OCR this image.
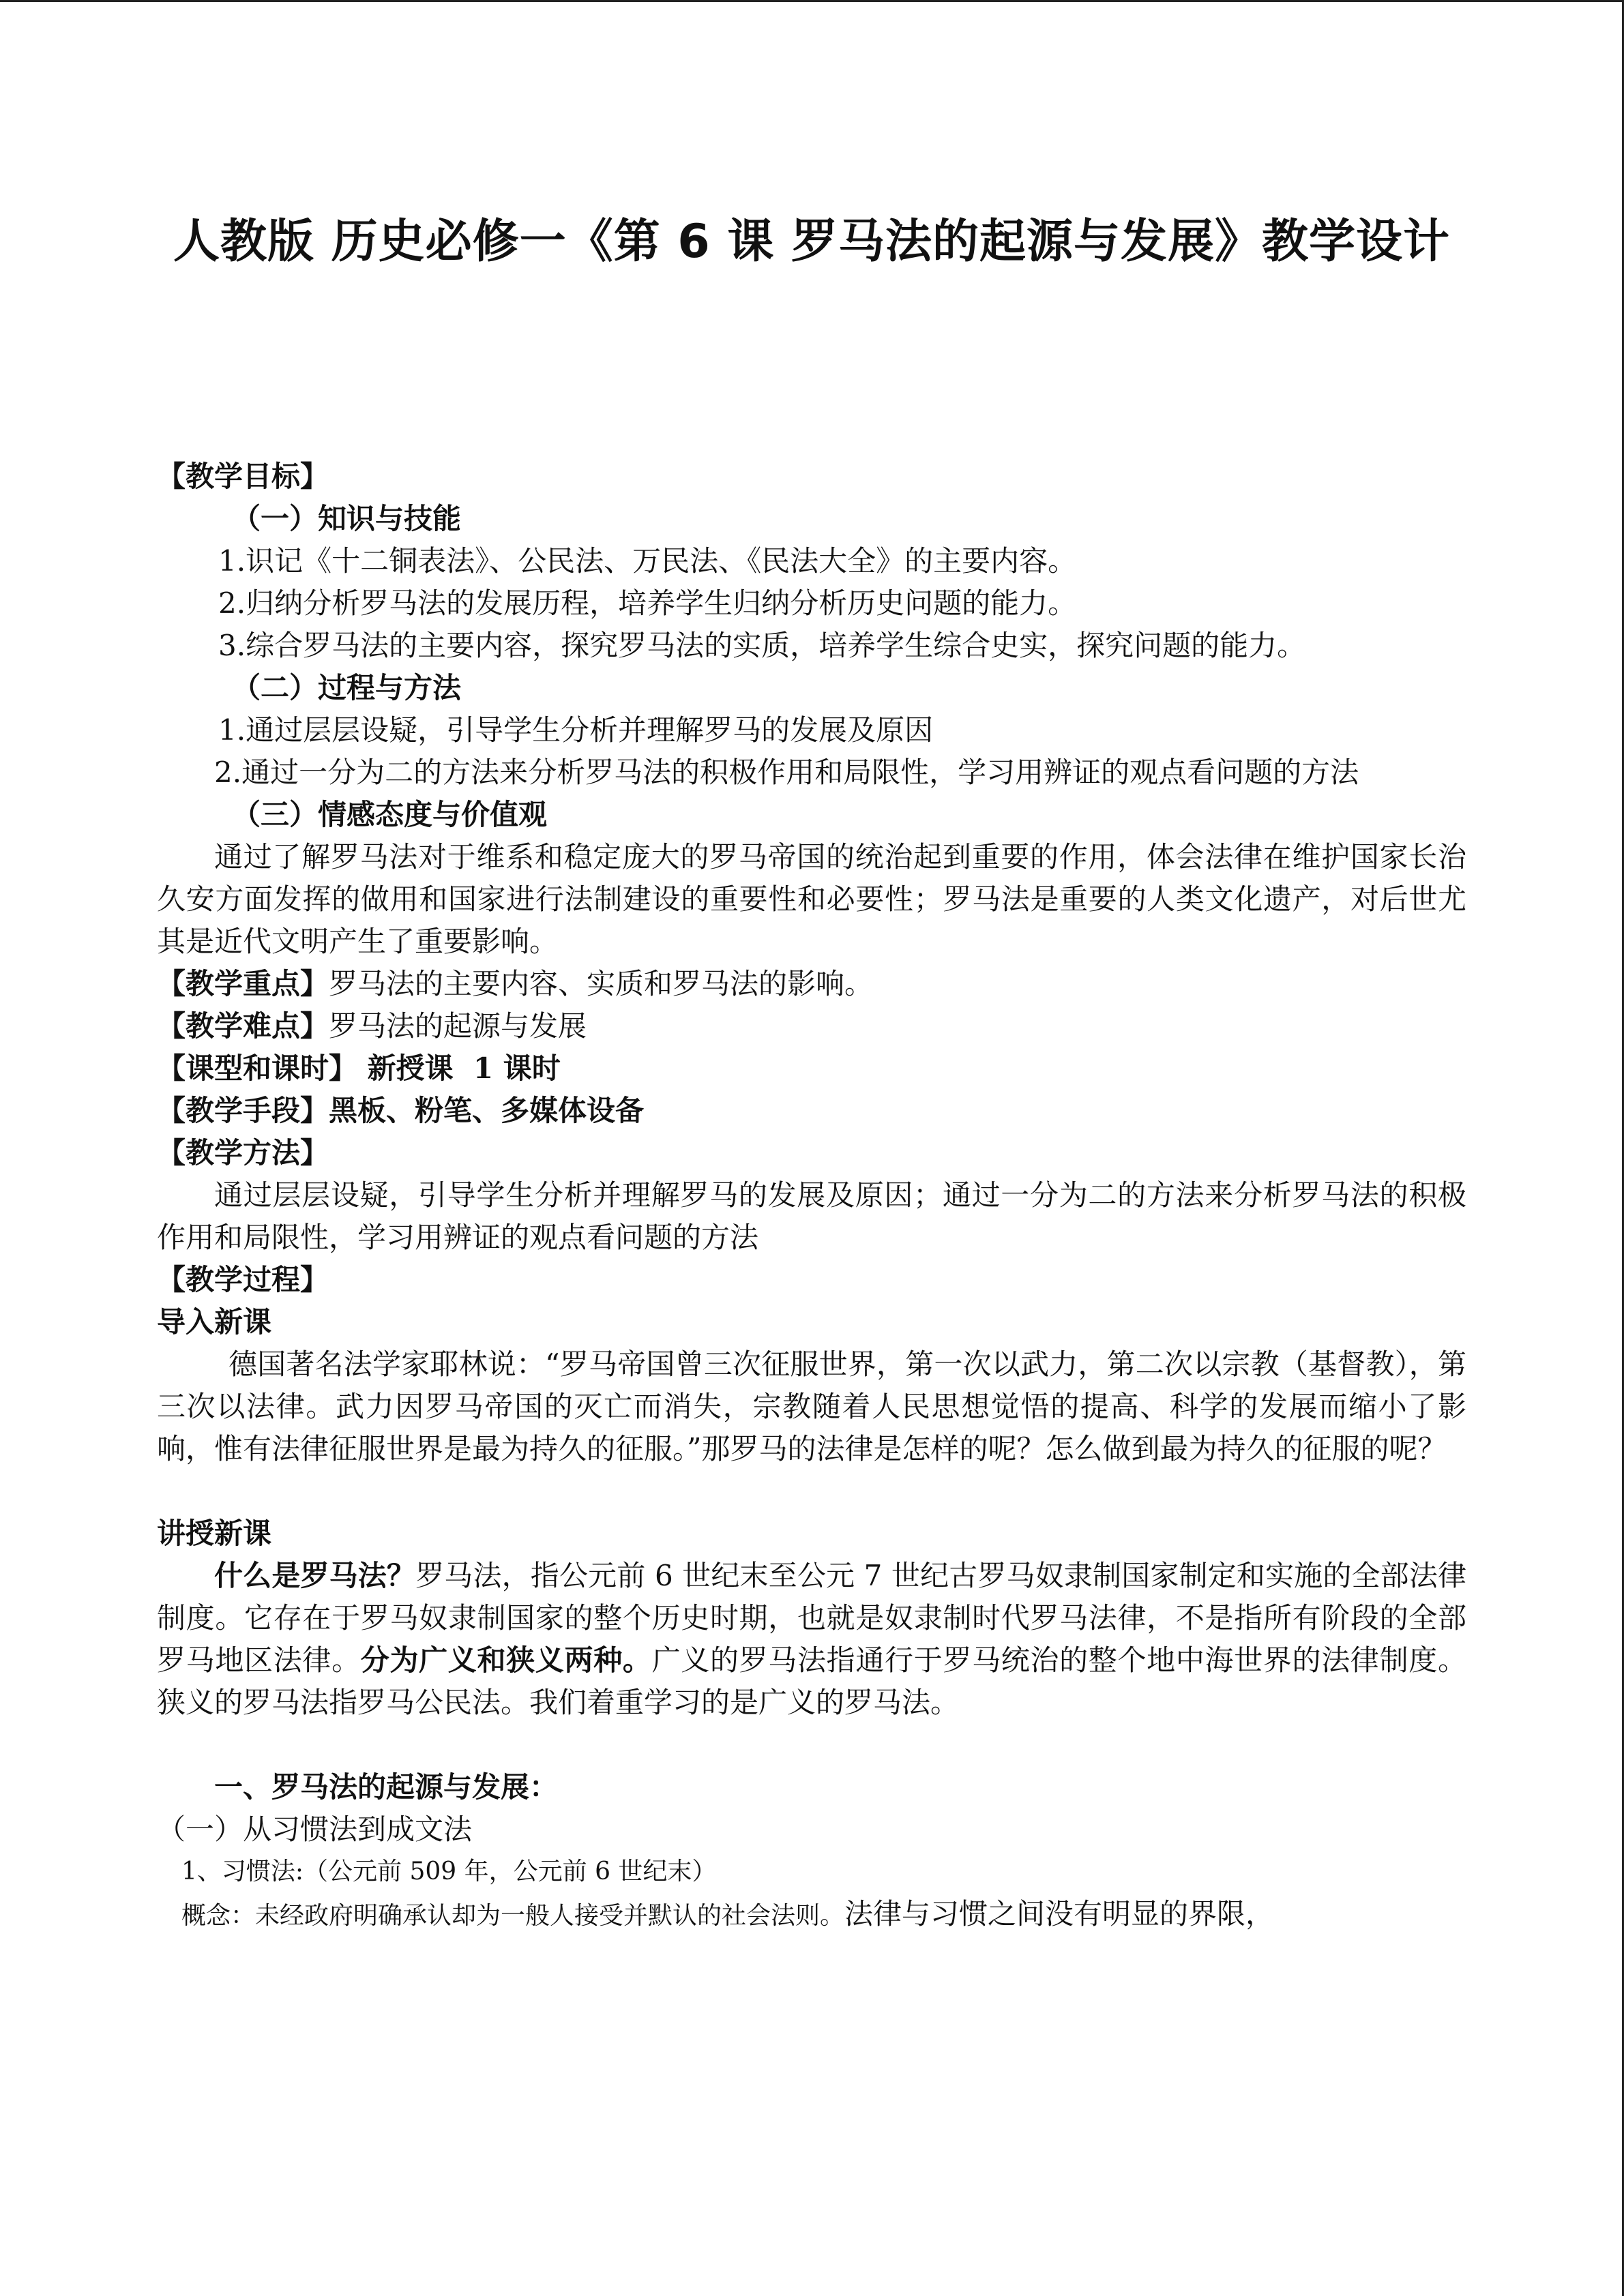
人教版 历史必修一《第 6 课 罗马法的起源与发展》教学设计
【教学目标】
（一）知识与技能
1.识记《十二铜表法》、公民法、万民法、《民法大全》的主要内容。
2.归纳分析罗马法的发展历程，培养学生归纳分析历史问题的能力。
3.综合罗马法的主要内容，探究罗马法的实质，培养学生综合史实，探究问题的能力。
（二）过程与方法
1.通过层层设疑，引导学生分析并理解罗马的发展及原因

2.通过一分为二的方法来分析罗马法的积极作用和局限性，学习用辨证的观点看问题的方法

（三）情感态度与价值观

通过了解罗马法对于维系和稳定庞大的罗马帝国的统治起到重要的作用，体会法律在维护国家长治久安方面发挥的做用和国家进行法制建设的重要性和必要性；罗马法是重要的人类文化遗产，对后世尤其是近代文明产生了重要影响。

【教学重点】罗马法的主要内容、实质和罗马法的影响。
【教学难点】罗马法的起源与发展
【课型和课时】 新授课  1 课时
【教学手段】黑板、粉笔、多媒体设备
【教学方法】

通过层层设疑，引导学生分析并理解罗马的发展及原因；通过一分为二的方法来分析罗马法的积极作用和局限性，学习用辨证的观点看问题的方法

【教学过程】
导入新课

德国著名法学家耶林说：“罗马帝国曾三次征服世界，第一次以武力，第二次以宗教（基督教），第三次以法律。武力因罗马帝国的灭亡而消失，宗教随着人民思想觉悟的提高、科学的发展而缩小了影响，惟有法律征服世界是最为持久的征服。”那罗马的法律是怎样的呢？怎么做到最为持久的征服的呢？

讲授新课

什么是罗马法？罗马法，指公元前 6 世纪末至公元 7 世纪古罗马奴隶制国家制定和实施的全部法律制度。它存在于罗马奴隶制国家的整个历史时期，也就是奴隶制时代罗马法律，不是指所有阶段的全部罗马地区法律。分为广义和狭义两种。广义的罗马法指通行于罗马统治的整个地中海世界的法律制度。狭义的罗马法指罗马公民法。我们着重学习的是广义的罗马法。

一、罗马法的起源与发展：
（一）从习惯法到成文法
1、习惯法:（公元前 509 年，公元前 6 世纪末）
概念：未经政府明确承认却为一般人接受并默认的社会法则。法律与习惯之间没有明显的界限，
